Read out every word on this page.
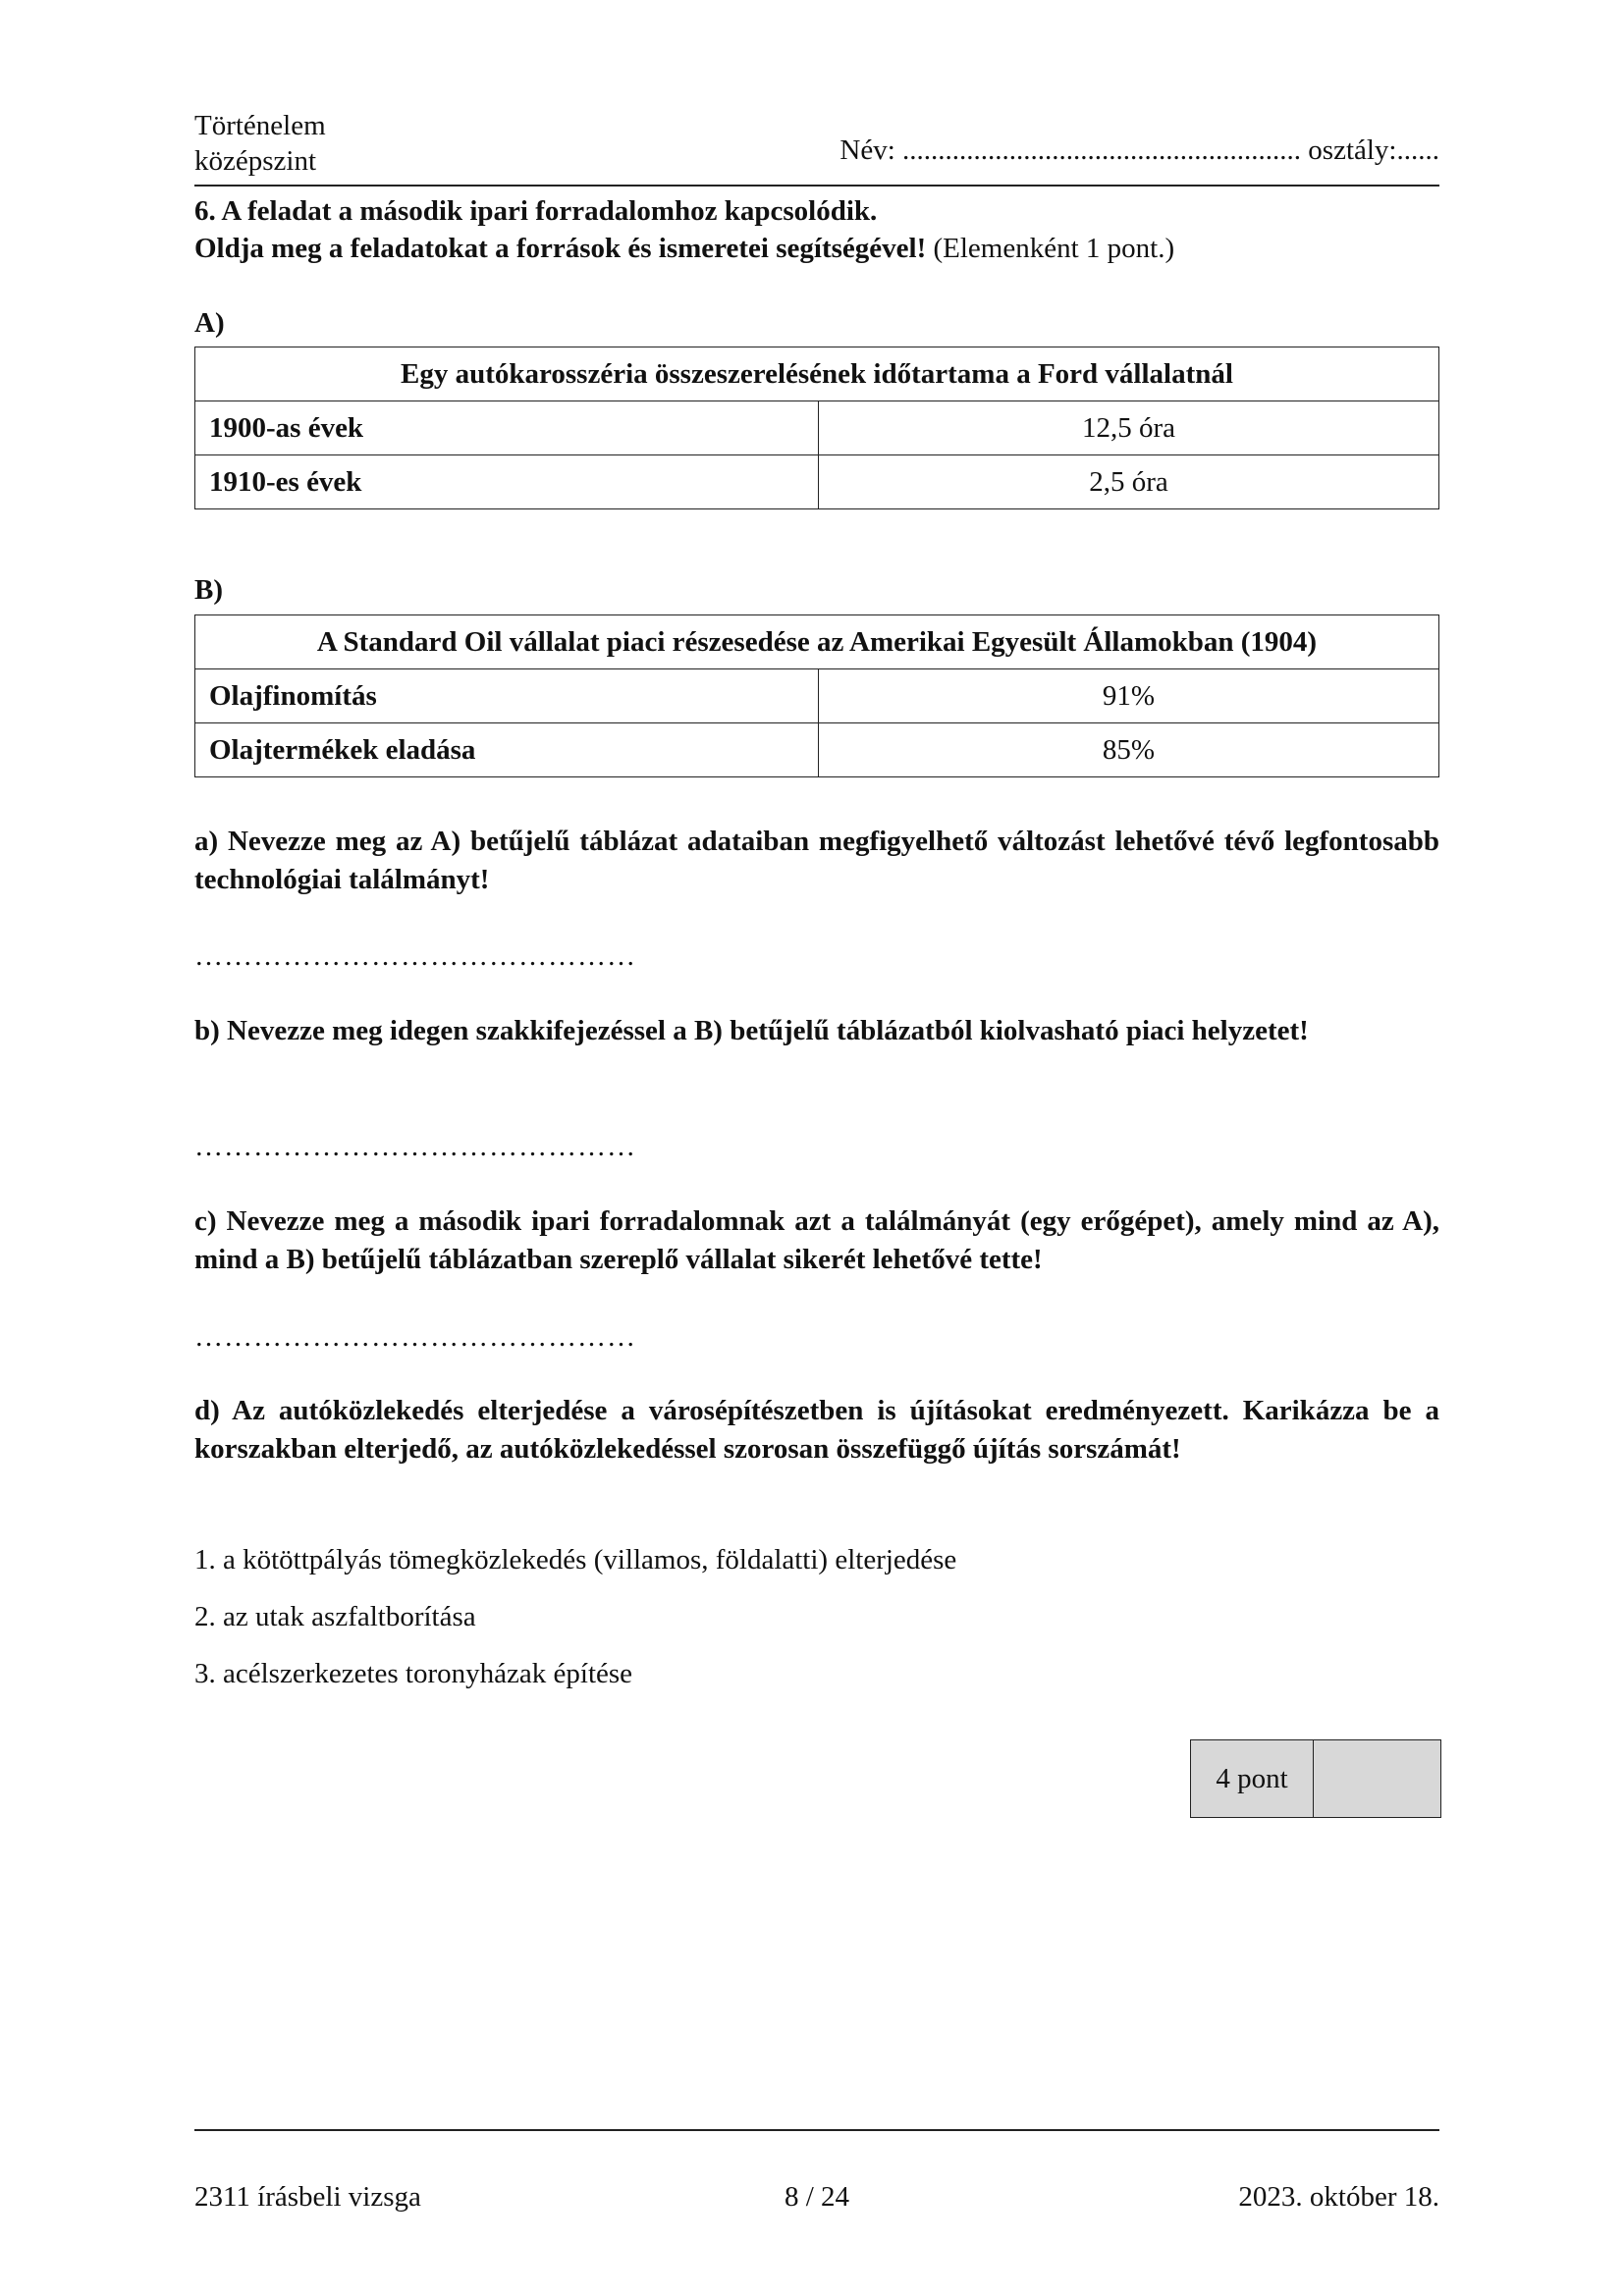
Történelem
középszint	Név: ........................................................ osztály:......
6. A feladat a második ipari forradalomhoz kapcsolódik.
Oldja meg a feladatokat a források és ismeretei segítségével! (Elemenként 1 pont.)
A)
Egy autókarosszéria összeszerelésének időtartama a Ford vállalatnál	
1900-as évek	12,5 óra
1910-es évek	2,5 óra
B)
A Standard Oil vállalat piaci részesedése az Amerikai Egyesült Államokban (1904)	
Olajfinomítás	91%
Olajtermékek eladása	85%
a) Nevezze meg az A) betűjelű táblázat adataiban megfigyelhető változást lehetővé tévő legfontosabb technológiai találmányt!
………………………………………
b) Nevezze meg idegen szakkifejezéssel a B) betűjelű táblázatból kiolvasható piaci helyzetet!
………………………………………
c) Nevezze meg a második ipari forradalomnak azt a találmányát (egy erőgépet), amely mind az A), mind a B) betűjelű táblázatban szereplő vállalat sikerét lehetővé tette!
………………………………………
d) Az autóközlekedés elterjedése a városépítészetben is újításokat eredményezett. Karikázza be a korszakban elterjedő, az autóközlekedéssel szorosan összefüggő újítás sorszámát!
1. a kötöttpályás tömegközlekedés (villamos, földalatti) elterjedése
2. az utak aszfaltborítása
3. acélszerkezetes toronyházak építése
4 pont
2311 írásbeli vizsga	8 / 24	2023. október 18.
